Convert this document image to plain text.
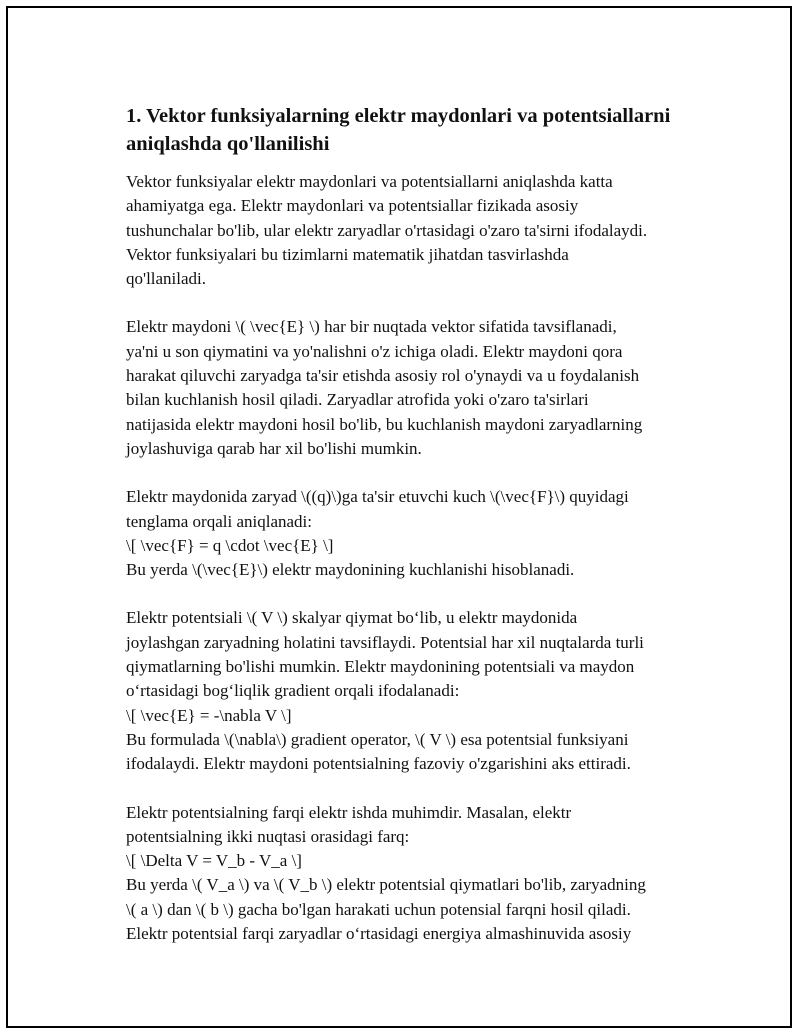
1. Vektor funksiyalarning elektr maydonlari va potentsiallarni
aniqlashda qo'llanilishi

Vektor funksiyalar elektr maydonlari va potentsiallarni aniqlashda katta
ahamiyatga ega. Elektr maydonlari va potentsiallar fizikada asosiy
tushunchalar bo'lib, ular elektr zaryadlar o'rtasidagi o'zaro ta'sirni ifodalaydi.
Vektor funksiyalari bu tizimlarni matematik jihatdan tasvirlashda
qo'llaniladi.

Elektr maydoni \( \vec{E} \) har bir nuqtada vektor sifatida tavsiflanadi,
ya'ni u son qiymatini va yo'nalishni o'z ichiga oladi. Elektr maydoni qora
harakat qiluvchi zaryadga ta'sir etishda asosiy rol o'ynaydi va u foydalanish
bilan kuchlanish hosil qiladi. Zaryadlar atrofida yoki o'zaro ta'sirlari
natijasida elektr maydoni hosil bo'lib, bu kuchlanish maydoni zaryadlarning
joylashuviga qarab har xil bo'lishi mumkin.

Elektr maydonida zaryad \((q)\)ga ta'sir etuvchi kuch \(\vec{F}\) quyidagi
tenglama orqali aniqlanadi:
\[ \vec{F} = q \cdot \vec{E} \]
Bu yerda \(\vec{E}\) elektr maydonining kuchlanishi hisoblanadi.

Elektr potentsiali \( V \) skalyar qiymat bo‘lib, u elektr maydonida
joylashgan zaryadning holatini tavsiflaydi. Potentsial har xil nuqtalarda turli
qiymatlarning bo'lishi mumkin. Elektr maydonining potentsiali va maydon
o‘rtasidagi bog‘liqlik gradient orqali ifodalanadi:
\[ \vec{E} = -\nabla V \]
Bu formulada \(\nabla\) gradient operator, \( V \) esa potentsial funksiyani
ifodalaydi. Elektr maydoni potentsialning fazoviy o'zgarishini aks ettiradi.

Elektr potentsialning farqi elektr ishda muhimdir. Masalan, elektr
potentsialning ikki nuqtasi orasidagi farq:
\[ \Delta V = V_b - V_a \]
Bu yerda \( V_a \) va \( V_b \) elektr potentsial qiymatlari bo'lib, zaryadning
\( a \) dan \( b \) gacha bo'lgan harakati uchun potensial farqni hosil qiladi.
Elektr potentsial farqi zaryadlar o‘rtasidagi energiya almashinuvida asosiy
